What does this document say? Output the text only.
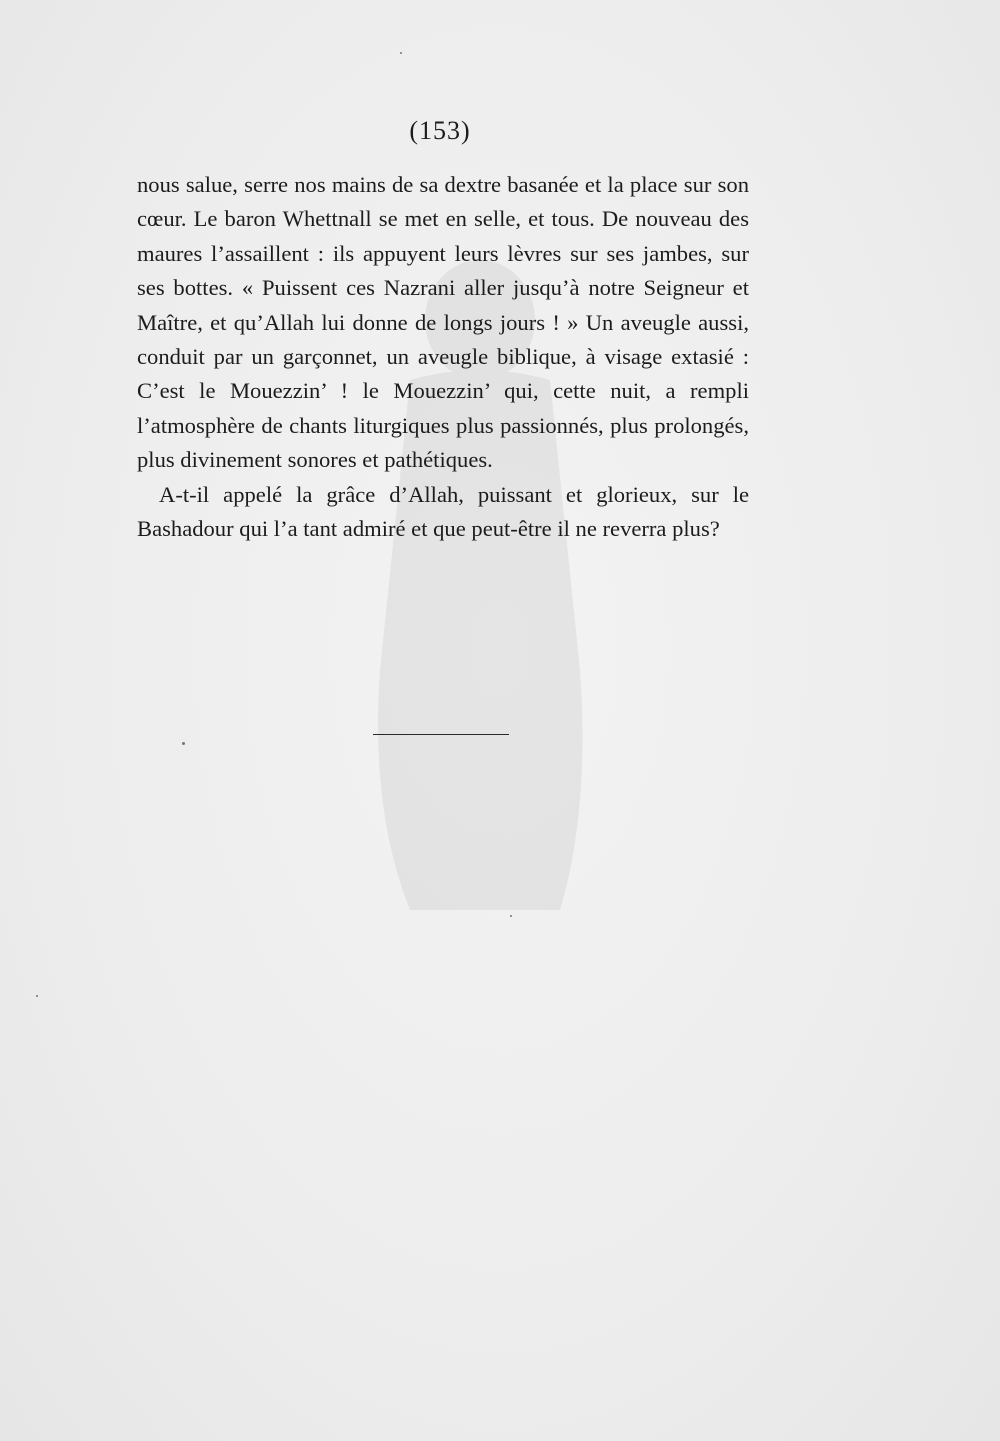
(153)

nous salue, serre nos mains de sa dextre basanée et la place sur son cœur. Le baron Whettnall se met en selle, et tous. De nouveau des maures l’assaillent : ils appuyent leurs lèvres sur ses jambes, sur ses bottes. « Puissent ces Nazrani aller jusqu’à notre Seigneur et Maître, et qu’Allah lui donne de longs jours ! » Un aveugle aussi, conduit par un garçonnet, un aveugle biblique, à visage extasié : C’est le Mouezzin’ ! le Mouezzin’ qui, cette nuit, a rempli l’atmosphère de chants liturgiques plus passionnés, plus prolongés, plus divinement sonores et pathétiques.

A-t-il appelé la grâce d’Allah, puissant et glorieux, sur le Bashadour qui l’a tant admiré et que peut-être il ne reverra plus?
